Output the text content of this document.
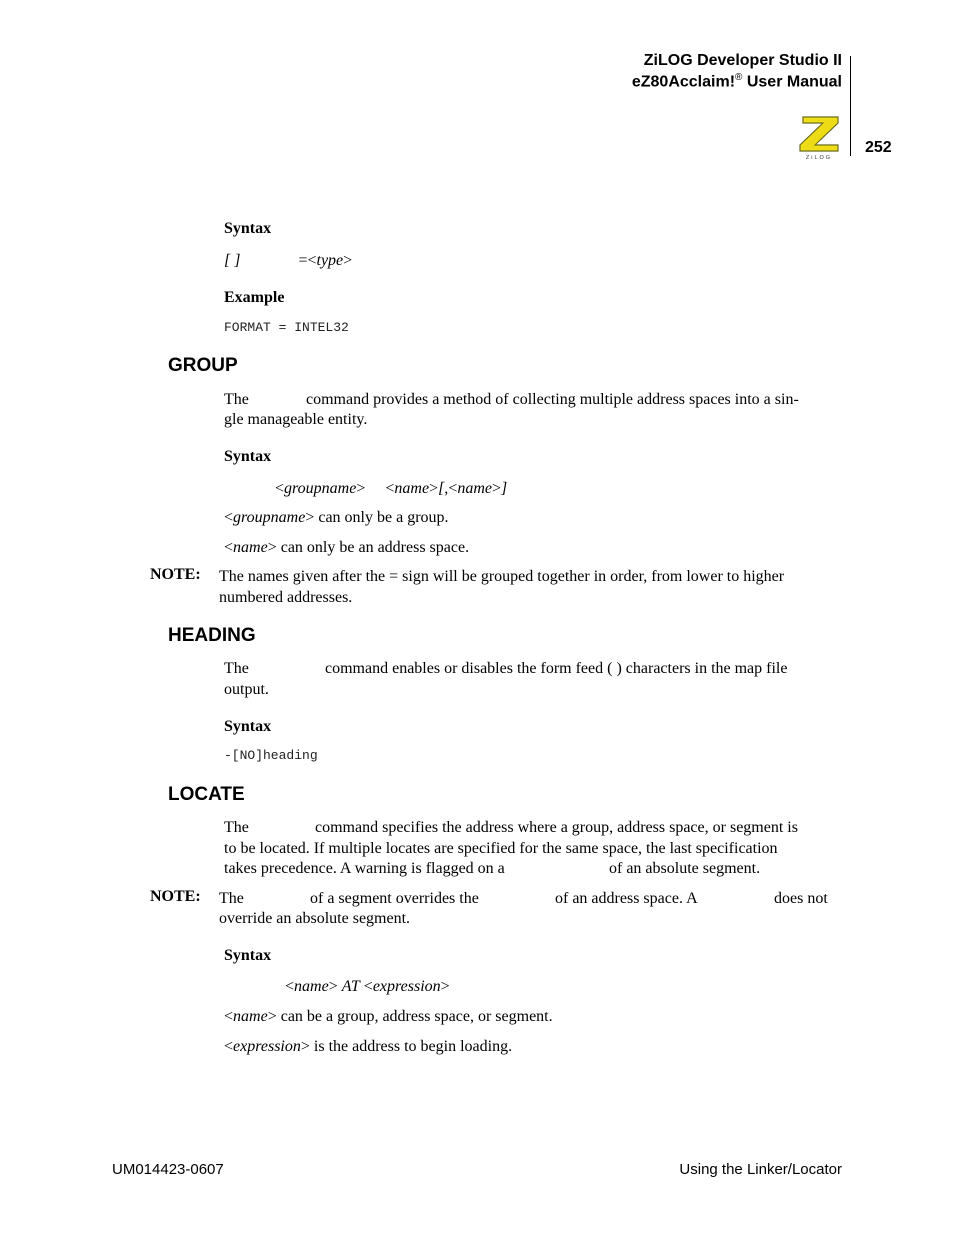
ZiLOG Developer Studio II
eZ80Acclaim!® User Manual
252
ZiLOG
Syntax
[ ]	=<type>
Example
FORMAT = INTEL32
GROUP
The	command provides a method of collecting multiple address spaces into a sin-
gle manageable entity.
Syntax
<groupname> <name>[,<name>]
<groupname> can only be a group.
<name> can only be an address space.
NOTE: The names given after the = sign will be grouped together in order, from lower to higher
numbered addresses.
HEADING
The	command enables or disables the form feed ( ) characters in the map file
output.
Syntax
-[NO]heading
LOCATE
The	command specifies the address where a group, address space, or segment is
to be located. If multiple locates are specified for the same space, the last specification
takes precedence. A warning is flagged on a	of an absolute segment.
NOTE: The	of a segment overrides the	of an address space. A	does not
override an absolute segment.
Syntax
<name> AT <expression>
<name> can be a group, address space, or segment.
<expression> is the address to begin loading.
UM014423-0607	Using the Linker/Locator
